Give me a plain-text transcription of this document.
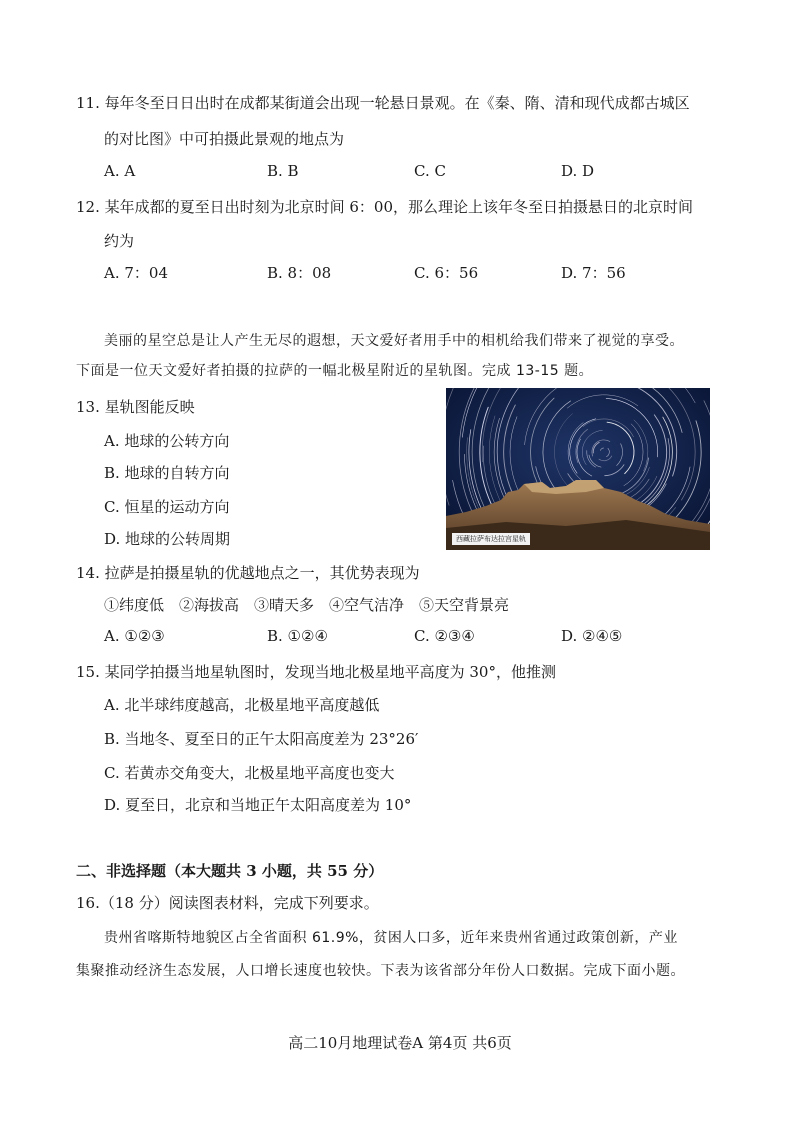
11. 每年冬至日日出时在成都某街道会出现一轮悬日景观。在《秦、隋、清和现代成都古城区
的对比图》中可拍摄此景观的地点为
A. A	B. B	C. C	D. D
12. 某年成都的夏至日出时刻为北京时间 6：00，那么理论上该年冬至日拍摄悬日的北京时间
约为
A. 7：04	B. 8：08	C. 6：56	D. 7：56
美丽的星空总是让人产生无尽的遐想，天文爱好者用手中的相机给我们带来了视觉的享受。
下面是一位天文爱好者拍摄的拉萨的一幅北极星附近的星轨图。完成 13-15 题。
13. 星轨图能反映
A. 地球的公转方向
B. 地球的自转方向
C. 恒星的运动方向
D. 地球的公转周期	西藏拉萨布达拉宫星轨
14. 拉萨是拍摄星轨的优越地点之一，其优势表现为
①纬度低　②海拔高　③晴天多　④空气洁净　⑤天空背景亮
A. ①②③	B. ①②④	C. ②③④	D. ②④⑤
15. 某同学拍摄当地星轨图时，发现当地北极星地平高度为 30°，他推测
A. 北半球纬度越高，北极星地平高度越低
B. 当地冬、夏至日的正午太阳高度差为 23°26′
C. 若黄赤交角变大，北极星地平高度也变大
D. 夏至日，北京和当地正午太阳高度差为 10°
二、非选择题（本大题共 3 小题，共 55 分）
16.（18 分）阅读图表材料，完成下列要求。
贵州省喀斯特地貌区占全省面积 61.9%，贫困人口多，近年来贵州省通过政策创新，产业
集聚推动经济生态发展，人口增长速度也较快。下表为该省部分年份人口数据。完成下面小题。
高二10月地理试卷A 第4页 共6页
